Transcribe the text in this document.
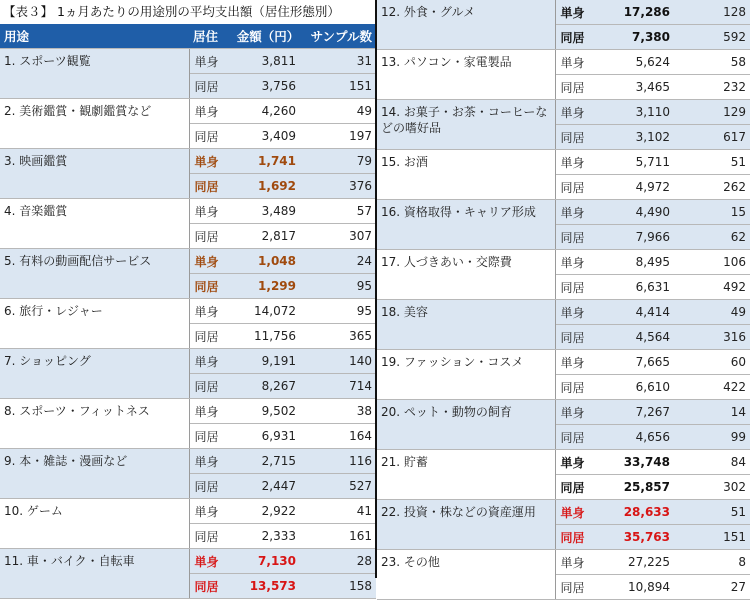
【表３】 1ヵ月あたりの用途別の平均支出額（居住形態別）
用途	居住	金額（円）	サンプル数
1. スポーツ観覧	単身	3,811	31
	同居	3,756	151
2. 美術鑑賞・観劇鑑賞など	単身	4,260	49
	同居	3,409	197
3. 映画鑑賞	単身	1,741	79
	同居	1,692	376
4. 音楽鑑賞	単身	3,489	57
	同居	2,817	307
5. 有料の動画配信サービス	単身	1,048	24
	同居	1,299	95
6. 旅行・レジャー	単身	14,072	95
	同居	11,756	365
7. ショッピング	単身	9,191	140
	同居	8,267	714
8. スポーツ・フィットネス	単身	9,502	38
	同居	6,931	164
9. 本・雑誌・漫画など	単身	2,715	116
	同居	2,447	527
10. ゲーム	単身	2,922	41
	同居	2,333	161
11. 車・バイク・自転車	単身	7,130	28
	同居	13,573	158
12. 外食・グルメ	単身	17,286	128
	同居	7,380	592
13. パソコン・家電製品	単身	5,624	58
	同居	3,465	232
14. お菓子・お茶・コーヒーなどの嗜好品	単身	3,110	129
	同居	3,102	617
15. お酒	単身	5,711	51
	同居	4,972	262
16. 資格取得・キャリア形成	単身	4,490	15
	同居	7,966	62
17. 人づきあい・交際費	単身	8,495	106
	同居	6,631	492
18. 美容	単身	4,414	49
	同居	4,564	316
19. ファッション・コスメ	単身	7,665	60
	同居	6,610	422
20. ペット・動物の飼育	単身	7,267	14
	同居	4,656	99
21. 貯蓄	単身	33,748	84
	同居	25,857	302
22. 投資・株などの資産運用	単身	28,633	51
	同居	35,763	151
23. その他	単身	27,225	8
	同居	10,894	27
